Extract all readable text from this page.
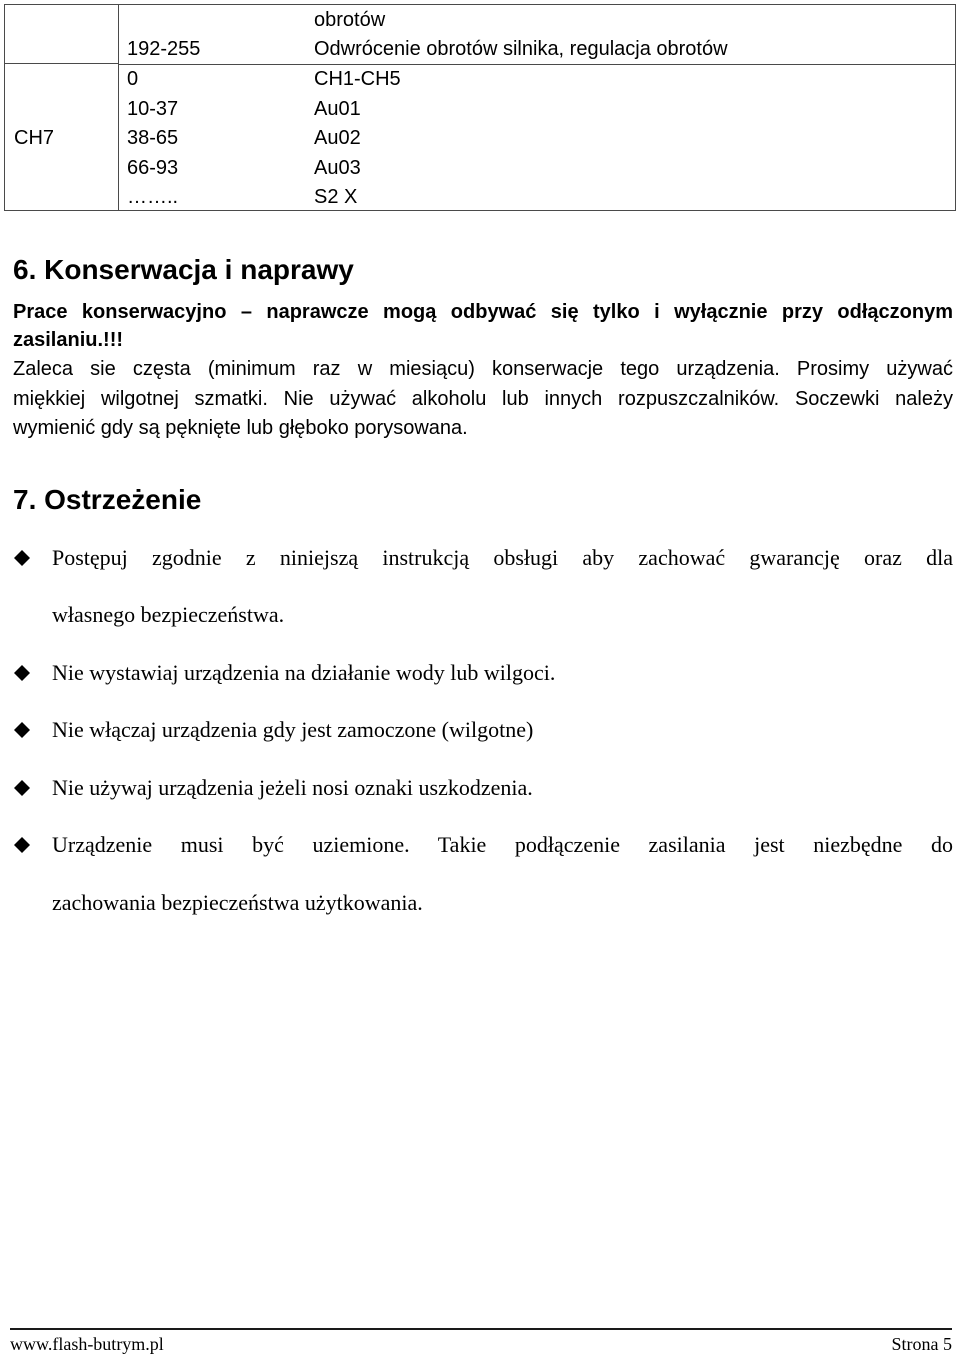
CH7
obrotów
192-255	Odwrócenie obrotów silnika, regulacja obrotów
0	CH1-CH5
10-37	Au01
38-65	Au02
66-93	Au03
……..	S2 X
6. Konserwacja i naprawy
Prace konserwacyjno – naprawcze mogą odbywać się tylko i wyłącznie przy odłączonym
zasilaniu.!!!
Zaleca sie częsta (minimum raz w miesiącu) konserwacje tego urządzenia. Prosimy używać
miękkiej wilgotnej szmatki. Nie używać alkoholu lub innych rozpuszczalników. Soczewki należy
wymienić gdy są pęknięte lub głęboko porysowana.
7. Ostrzeżenie
Postępuj zgodnie z niniejszą instrukcją obsługi aby zachować gwarancję oraz dla
własnego bezpieczeństwa.
Nie wystawiaj urządzenia na działanie wody lub wilgoci.
Nie włączaj urządzenia gdy jest zamoczone (wilgotne)
Nie używaj urządzenia jeżeli nosi oznaki uszkodzenia.
Urządzenie musi być uziemione. Takie podłączenie zasilania jest niezbędne do
zachowania bezpieczeństwa użytkowania.
www.flash-butrym.pl	Strona 5
